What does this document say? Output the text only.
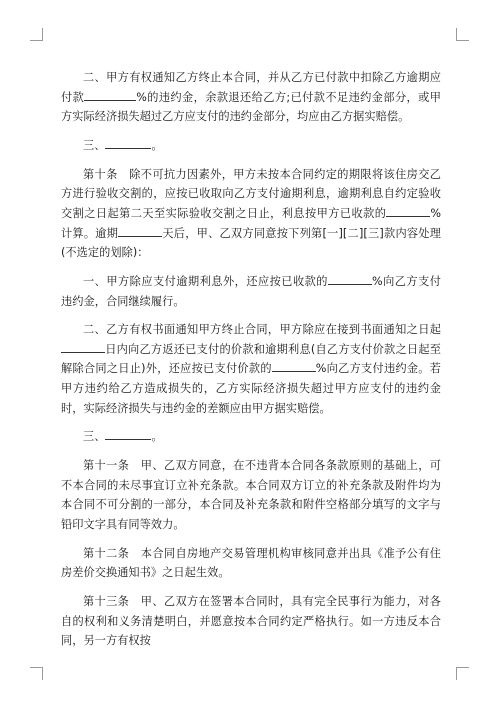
二、甲方有权通知乙方终止本合同，并从乙方已付款中扣除乙方逾期应付款	%的违约金，余款退还给乙方;已付款不足违约金部分，或甲方实际经济损失超过乙方应支付的违约金部分，均应由乙方据实赔偿。

三、	。

第十条　除不可抗力因素外，甲方未按本合同约定的期限将该住房交乙方进行验收交割的，应按已收取向乙方支付逾期利息，逾期利息自约定验收交割之日起第二天至实际验收交割之日止，利息按甲方已收款的	%计算。逾期	天后，甲、乙双方同意按下列第[一][二][三]款内容处理(不选定的划除)：

一、甲方除应支付逾期利息外，还应按已收款的	%向乙方支付违约金，合同继续履行。

二、乙方有权书面通知甲方终止合同，甲方除应在接到书面通知之日起日内向乙方返还已支付的价款和逾期利息(自乙方支付价款之日起至解除合同之日止)外，还应按已支付价款的	%向乙方支付违约金。若甲方违约给乙方造成损失的，乙方实际经济损失超过甲方应支付的违约金时，实际经济损失与违约金的差额应由甲方据实赔偿。

三、	。

第十一条　甲、乙双方同意，在不违背本合同各条款原则的基础上，可不本合同的未尽事宜订立补充条款。本合同双方订立的补充条款及附件均为本合同不可分割的一部分，本合同及补充条款和附件空格部分填写的文字与铅印文字具有同等效力。

第十二条　本合同自房地产交易管理机构审核同意并出具《准予公有住房差价交换通知书》之日起生效。

第十三条　甲、乙双方在签署本合同时，具有完全民事行为能力，对各自的权利和义务清楚明白，并愿意按本合同约定严格执行。如一方违反本合同，另一方有权按
